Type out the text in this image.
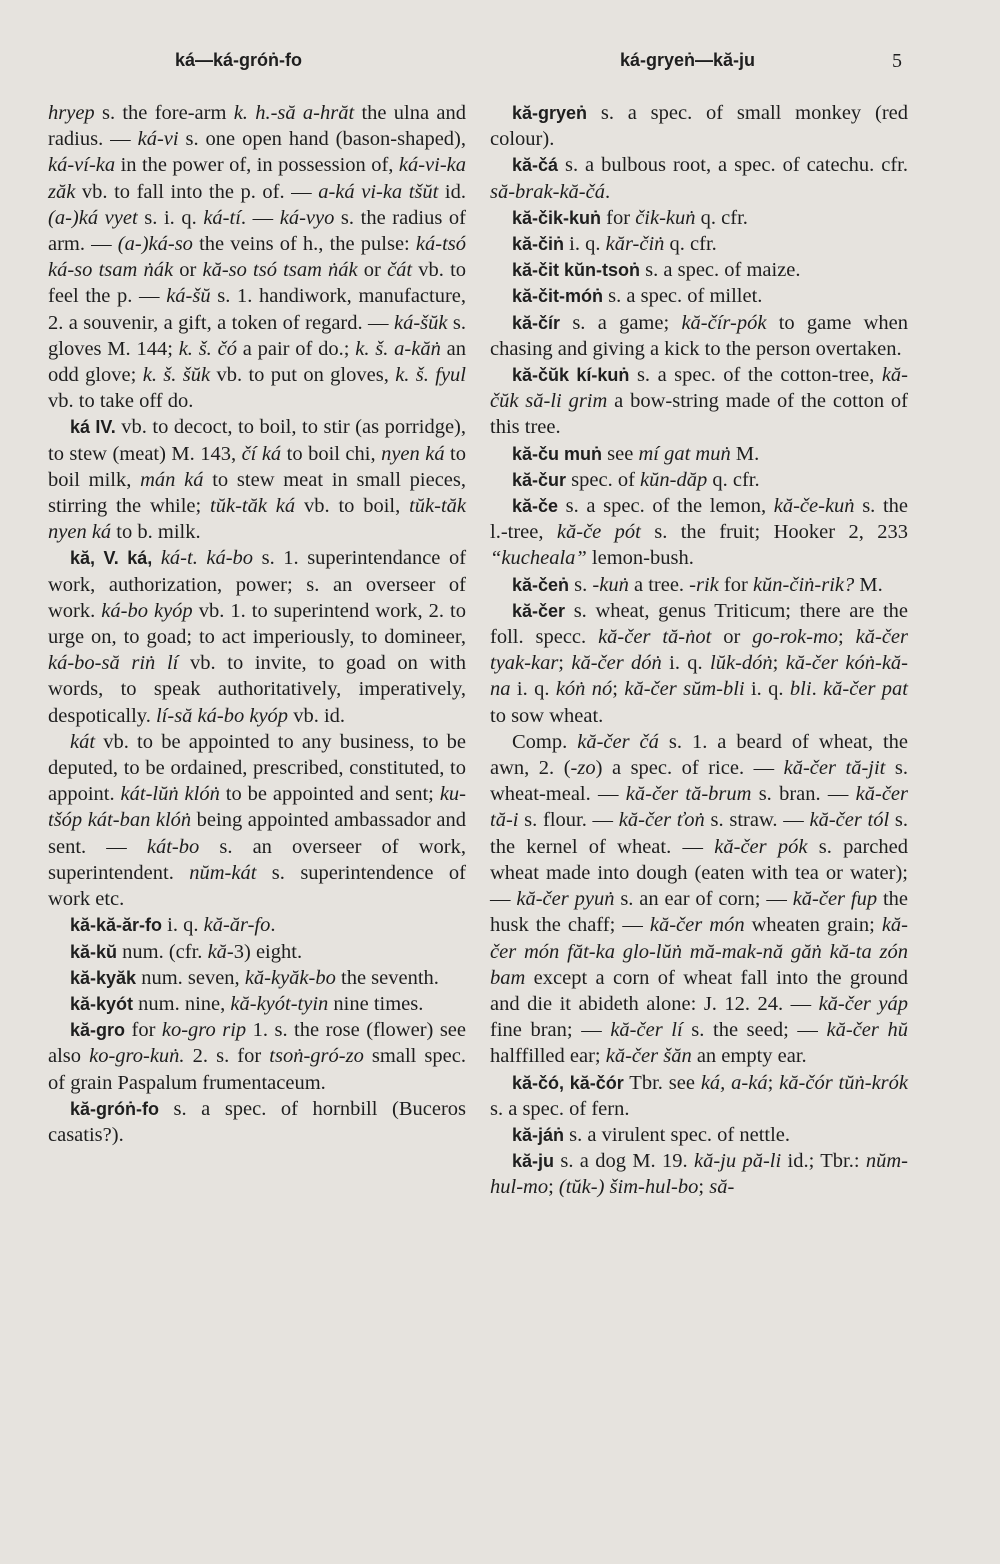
ká—ká-gróṅ-fo	ká-gryeṅ—kă-ju	5

hryep s. the fore-arm k. h.-să a-hrăt the ulna and radius. — ká-vi s. one open hand (bason-shaped), ká-ví-ka in the power of, in possession of, ká-vi-ka zăk vb. to fall into the p. of. — a-ká vi-ka tšŭt id. (a-)ká vyet s. i. q. ká-tí. — ká-vyo s. the radius of arm. — (a-)ká-so the veins of h., the pulse: ká-tsó ká-so tsam ṅák or kă-so tsó tsam ṅák or čát vb. to feel the p. — ká-šŭ s. 1. handiwork, manufacture, 2. a souvenir, a gift, a token of regard. — ká-šŭk s. gloves M. 144; k. š. čó a pair of do.; k. š. a-kăṅ an odd glove; k. š. šŭk vb. to put on gloves, k. š. fyul vb. to take off do.

ká IV. vb. to decoct, to boil, to stir (as porridge), to stew (meat) M. 143, čí ká to boil chi, nyen ká to boil milk, mán ká to stew meat in small pieces, stirring the while; tŭk-tăk ká vb. to boil, tŭk-tăk nyen ká to b. milk.

kă, V. ká, ká-t. ká-bo s. 1. superintendance of work, authorization, power; s. an overseer of work. ká-bo kyóp vb. 1. to superintend work, 2. to urge on, to goad; to act imperiously, to domineer, ká-bo-să riṅ lí vb. to invite, to goad on with words, to speak authoritatively, imperatively, despotically. lí-să ká-bo kyóp vb. id.

kát vb. to be appointed to any business, to be deputed, to be ordained, prescribed, constituted, to appoint. kát-lŭṅ klóṅ to be appointed and sent; ku-tšóp kát-ban klóṅ being appointed ambassador and sent. — kát-bo s. an overseer of work, superintendent. nŭm-kát s. superintendence of work etc.

kă-kă-ăr-fo i. q. kă-ăr-fo.

kă-kŭ num. (cfr. kă-3) eight.

kă-kyăk num. seven, kă-kyăk-bo the seventh.

kă-kyót num. nine, kă-kyót-tyin nine times.

kă-gro for ko-gro rip 1. s. the rose (flower) see also ko-gro-kuṅ. 2. s. for tsoṅ-gró-zo small spec. of grain Paspalum frumentaceum.

kă-gróṅ-fo s. a spec. of hornbill (Buceros casatis?).

kă-gryeṅ s. a spec. of small monkey (red colour).

kă-čá s. a bulbous root, a spec. of catechu. cfr. să-brak-kă-čá.

kă-čik-kuṅ for čik-kuṅ q. cfr.

kă-čiṅ i. q. kăr-čiṅ q. cfr.

kă-čit kŭn-tsoṅ s. a spec. of maize.

kă-čit-móṅ s. a spec. of millet.

kă-čír s. a game; kă-čír-pók to game when chasing and giving a kick to the person overtaken.

kă-čŭk kí-kuṅ s. a spec. of the cotton-tree, kă-čŭk să-li grim a bow-string made of the cotton of this tree.

kă-ču muṅ see mí gat muṅ M.

kă-čur spec. of kŭn-dăp q. cfr.

kă-če s. a spec. of the lemon, kă-če-kuṅ s. the l.-tree, kă-če pót s. the fruit; Hooker 2, 233 “kucheala” lemon-bush.

kă-čeṅ s. -kuṅ a tree. -rik for kŭn-čiṅ-rik? M.

kă-čer s. wheat, genus Triticum; there are the foll. specc. kă-čer tă-ṅot or go-rok-mo; kă-čer tyak-kar; kă-čer dóṅ i. q. lŭk-dóṅ; kă-čer kóṅ-kă-na i. q. kóṅ nó; kă-čer sŭm-bli i. q. bli. kă-čer pat to sow wheat.

Comp. kă-čer čá s. 1. a beard of wheat, the awn, 2. (-zo) a spec. of rice. — kă-čer tă-jit s. wheat-meal. — kă-čer tă-brum s. bran. — kă-čer tă-i s. flour. — kă-čer ťoṅ s. straw. — kă-čer tól s. the kernel of wheat. — kă-čer pók s. parched wheat made into dough (eaten with tea or water); — kă-čer pyuṅ s. an ear of corn; — kă-čer fup the husk the chaff; — kă-čer món wheaten grain; kă-čer món făt-ka glo-lŭṅ mă-mak-nă găṅ kă-ta zón bam except a corn of wheat fall into the ground and die it abideth alone: J. 12. 24. — kă-čer yáp fine bran; — kă-čer lí s. the seed; — kă-čer hŭ halffilled ear; kă-čer šăn an empty ear.

kă-čó, kă-čór Tbr. see ká, a-ká; kă-čór tŭṅ-krók s. a spec. of fern.

kă-jáṅ s. a virulent spec. of nettle.

kă-ju s. a dog M. 19. kă-ju pă-li id.; Tbr.: nŭm-hul-mo; (tŭk-) šim-hul-bo; să-
